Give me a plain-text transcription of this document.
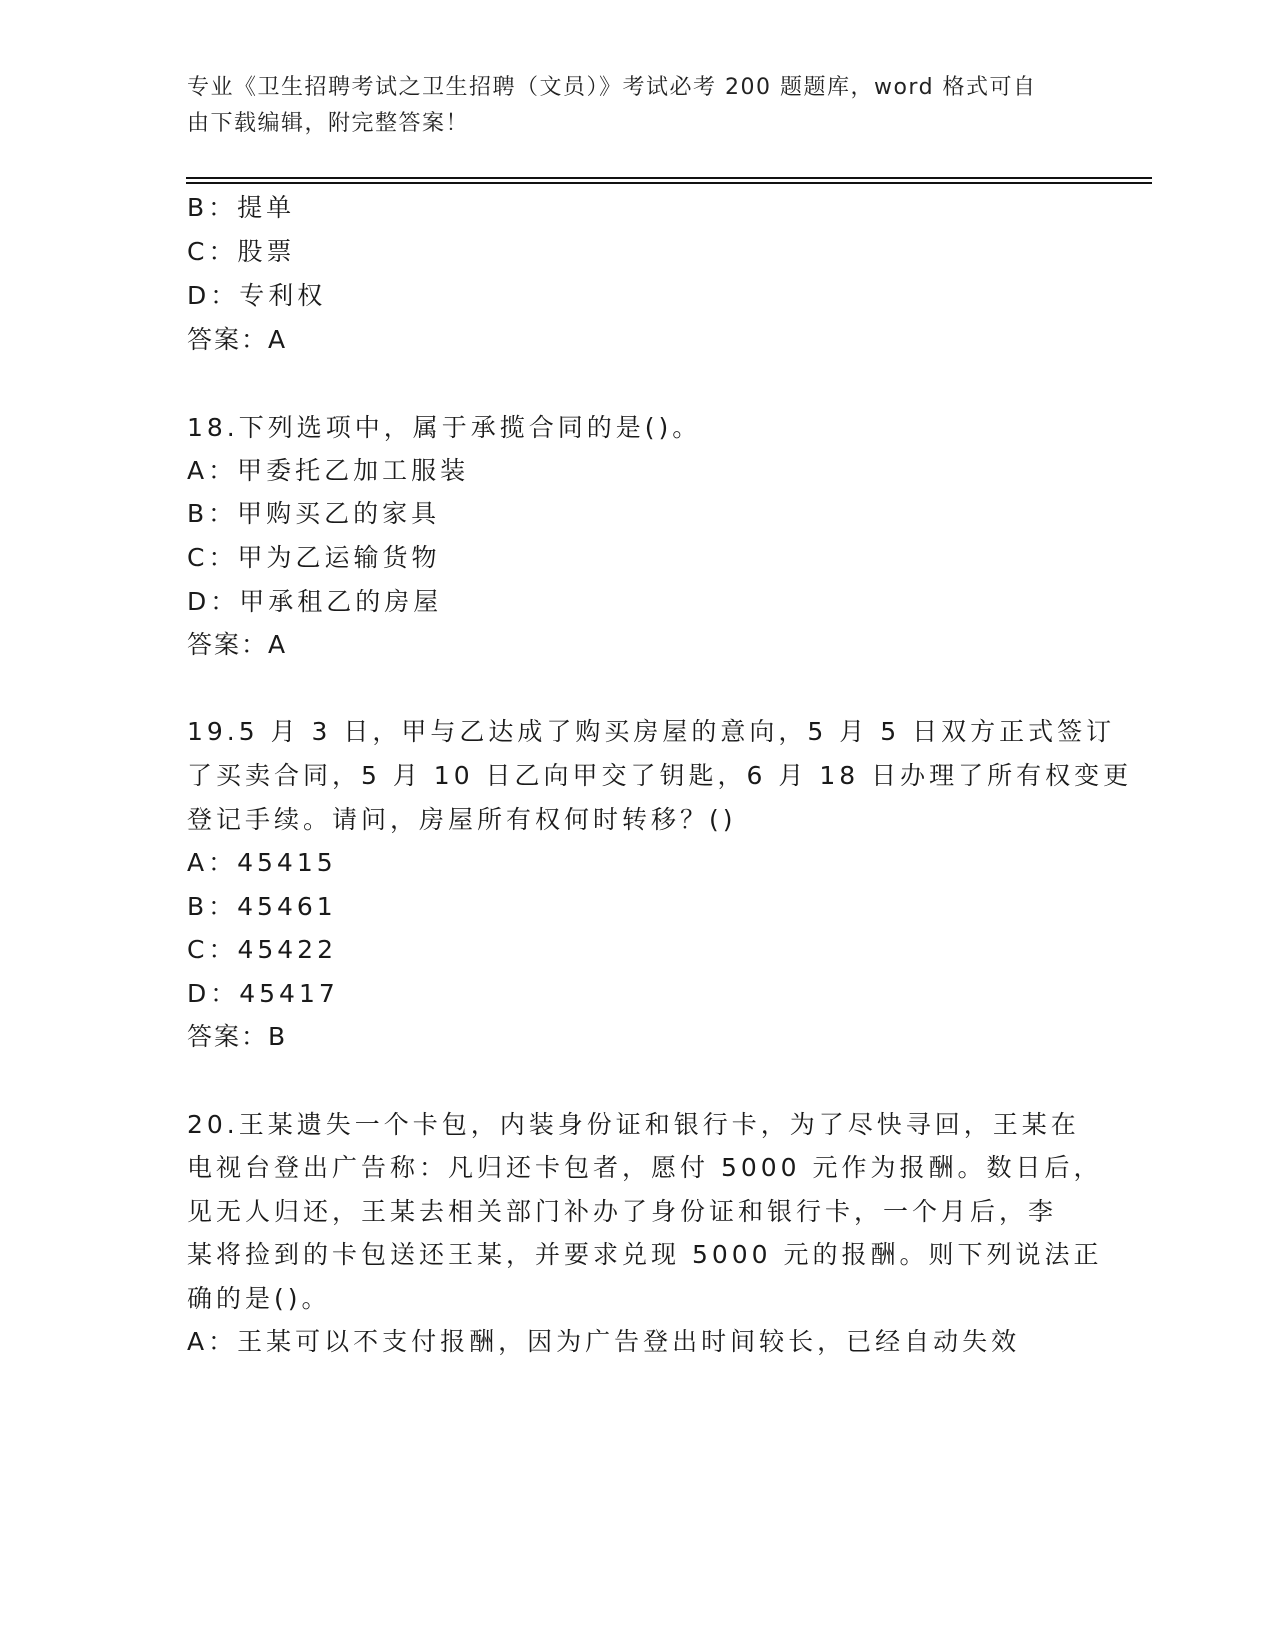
专业《卫生招聘考试之卫生招聘（文员）》考试必考 200 题题库，word 格式可自
由下载编辑，附完整答案！
B：提单
C：股票
D：专利权
答案：A
18.下列选项中，属于承揽合同的是()。
A：甲委托乙加工服装
B：甲购买乙的家具
C：甲为乙运输货物
D：甲承租乙的房屋
答案：A
19.5 月 3 日，甲与乙达成了购买房屋的意向，5 月 5 日双方正式签订
了买卖合同，5 月 10 日乙向甲交了钥匙，6 月 18 日办理了所有权变更
登记手续。请问，房屋所有权何时转移？()
A：45415
B：45461
C：45422
D：45417
答案：B
20.王某遗失一个卡包，内装身份证和银行卡，为了尽快寻回，王某在
电视台登出广告称：凡归还卡包者，愿付 5000 元作为报酬。数日后，
见无人归还，王某去相关部门补办了身份证和银行卡，一个月后，李
某将捡到的卡包送还王某，并要求兑现 5000 元的报酬。则下列说法正
确的是()。
A：王某可以不支付报酬，因为广告登出时间较长，已经自动失效
